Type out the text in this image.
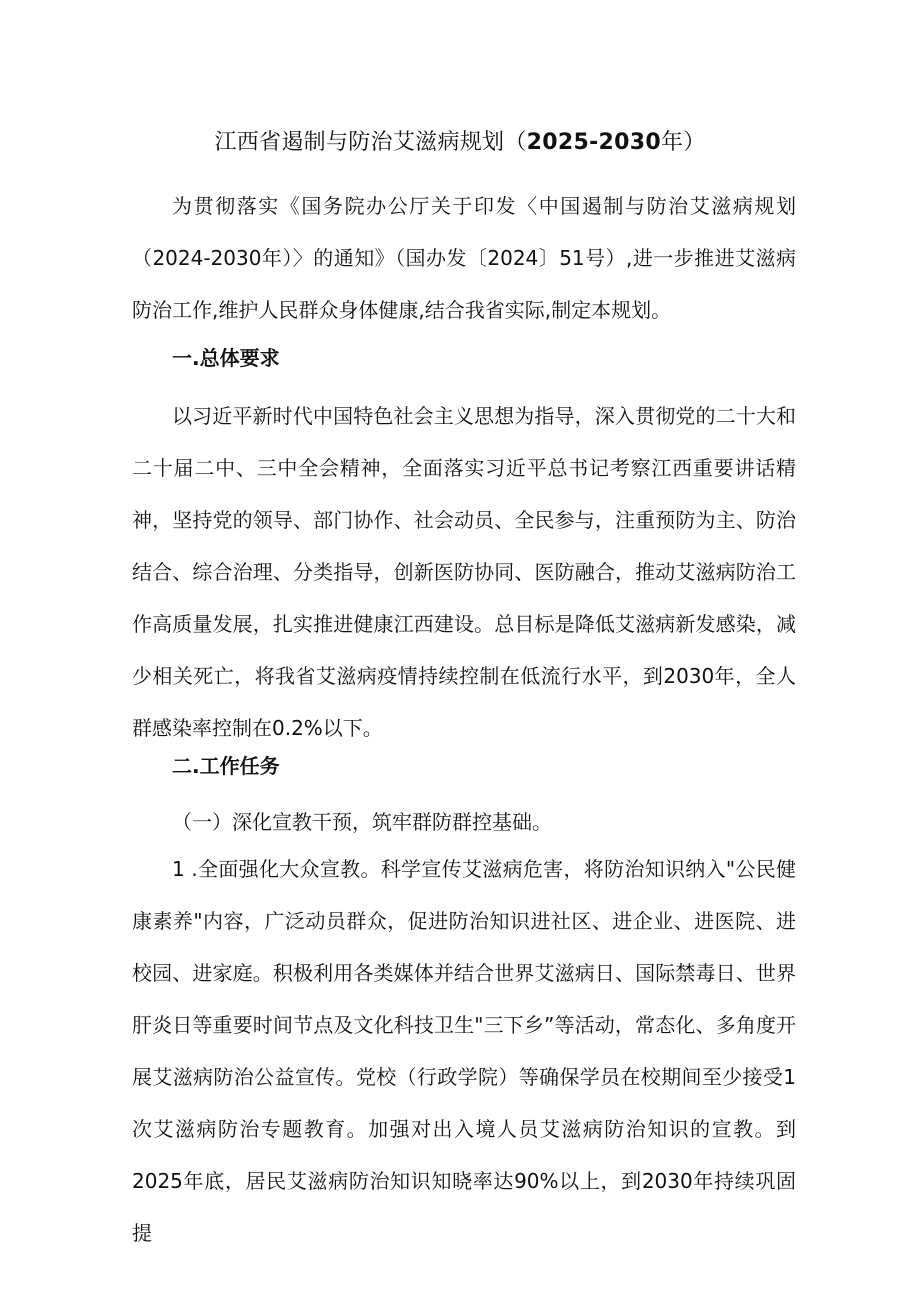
江西省遏制与防治艾滋病规划（2025-2030年）

为贯彻落实《国务院办公厅关于印发〈中国遏制与防治艾滋病规划（2024-2030年）〉的通知》（国办发〔2024〕51号）,进一步推进艾滋病防治工作,维护人民群众身体健康,结合我省实际,制定本规划。

一.总体要求

以习近平新时代中国特色社会主义思想为指导，深入贯彻党的二十大和二十届二中、三中全会精神，全面落实习近平总书记考察江西重要讲话精神，坚持党的领导、部门协作、社会动员、全民参与，注重预防为主、防治结合、综合治理、分类指导，创新医防协同、医防融合，推动艾滋病防治工作高质量发展，扎实推进健康江西建设。总目标是降低艾滋病新发感染，减少相关死亡，将我省艾滋病疫情持续控制在低流行水平，到2030年，全人群感染率控制在0.2%以下。

二.工作任务

（一）深化宣教干预，筑牢群防群控基础。

1 .全面强化大众宣教。科学宣传艾滋病危害，将防治知识纳入"公民健康素养"内容，广泛动员群众，促进防治知识进社区、进企业、进医院、进校园、进家庭。积极利用各类媒体并结合世界艾滋病日、国际禁毒日、世界肝炎日等重要时间节点及文化科技卫生"三下乡”等活动，常态化、多角度开展艾滋病防治公益宣传。党校（行政学院）等确保学员在校期间至少接受1次艾滋病防治专题教育。加强对出入境人员艾滋病防治知识的宣教。到2025年底，居民艾滋病防治知识知晓率达90%以上，到2030年持续巩固提
